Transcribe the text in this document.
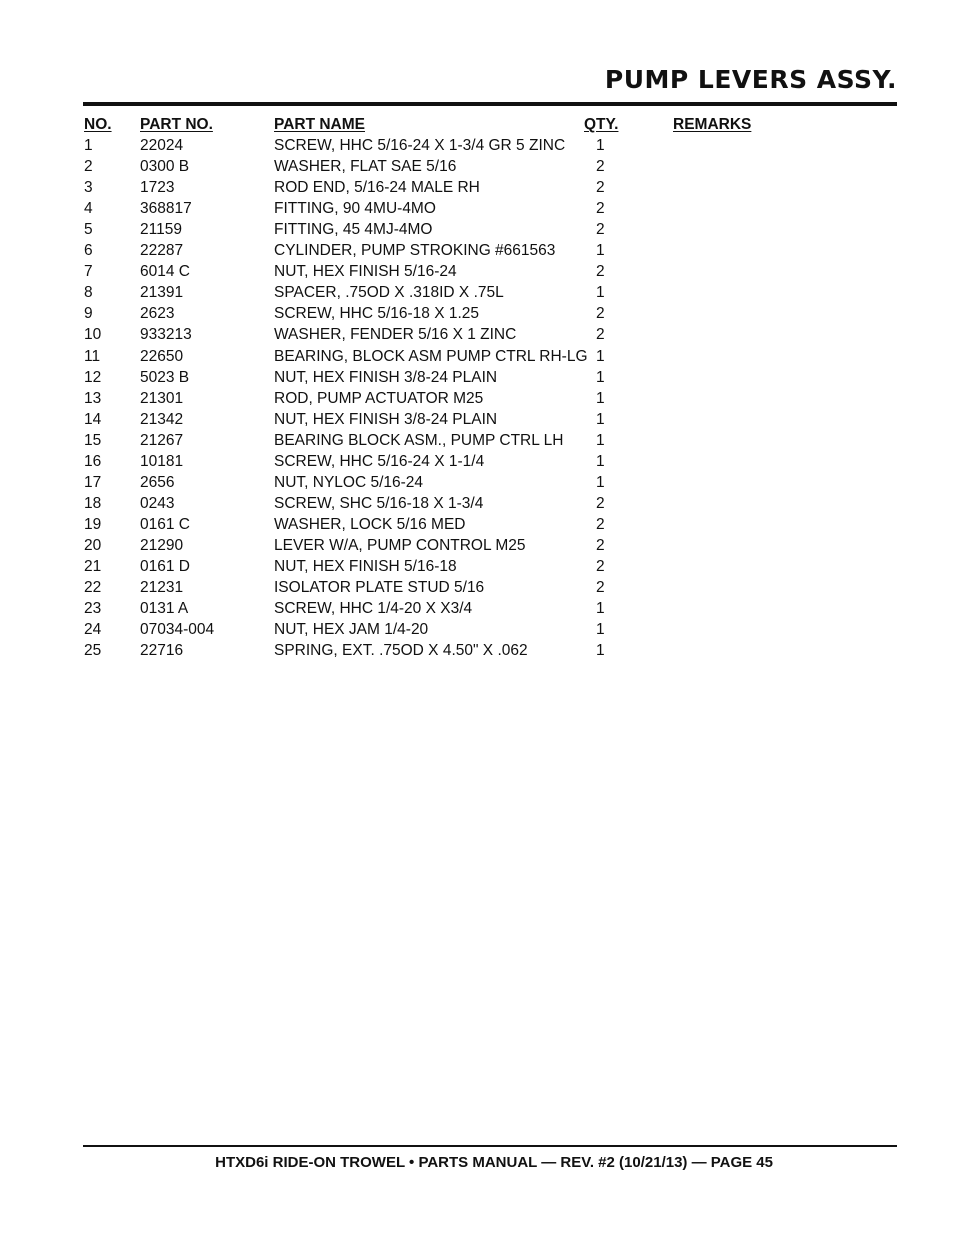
PUMP LEVERS ASSY.
NO. PART NO.	PART NAME	QTY.	REMARKS
1	22024	SCREW, HHC 5/16-24 X 1-3/4 GR 5 ZINC 1
2	0300 B	WASHER, FLAT SAE 5/16	2
3	1723	ROD END, 5/16-24 MALE RH	2
4	368817	FITTING, 90 4MU-4MO	2
5	21159	FITTING, 45 4MJ-4MO	2
6	22287	CYLINDER, PUMP STROKING #661563	1
7	6014 C	NUT, HEX FINISH 5/16-24	2
8	21391	SPACER, .75OD X .318ID X .75L	1
9	2623	SCREW, HHC 5/16-18 X 1.25	2
10	933213	WASHER, FENDER 5/16 X 1 ZINC	2
11	22650	BEARING, BLOCK ASM PUMP CTRL RH-LG 1
12	5023 B	NUT, HEX FINISH 3/8-24 PLAIN	1
13	21301	ROD, PUMP ACTUATOR M25	1
14	21342	NUT, HEX FINISH 3/8-24 PLAIN	1
15	21267	BEARING BLOCK ASM., PUMP CTRL LH 1
16	10181	SCREW, HHC 5/16-24 X 1-1/4	1
17	2656	NUT, NYLOC 5/16-24	1
18	0243	SCREW, SHC 5/16-18 X 1-3/4	2
19	0161 C	WASHER, LOCK 5/16 MED	2
20	21290	LEVER W/A, PUMP CONTROL M25	2
21	0161 D	NUT, HEX FINISH 5/16-18	2
22	21231	ISOLATOR PLATE STUD 5/16	2
23	0131 A	SCREW, HHC 1/4-20 X X3/4	1
24	07034-004	NUT, HEX JAM 1/4-20	1
25	22716	SPRING, EXT. .75OD X 4.50" X .062	1
HTXD6i RIDE-ON TROWEL • PARTS MANUAL — REV. #2 (10/21/13) — PAGE 45
